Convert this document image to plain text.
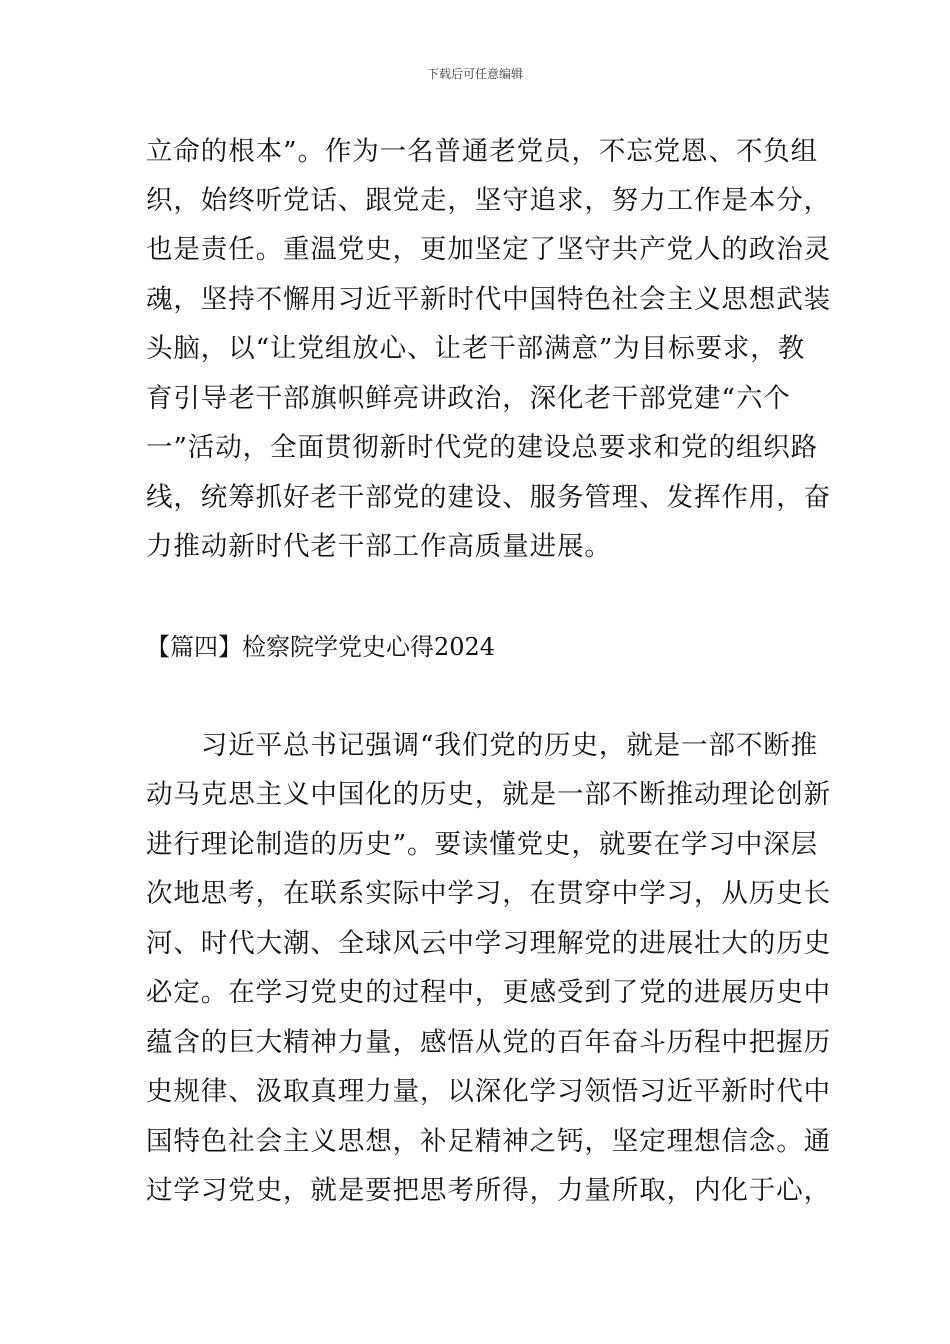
下载后可任意编辑
立命的根本”。作为一名普通老党员，不忘党恩、不负组
织，始终听党话、跟党走，坚守追求，努力工作是本分，
也是责任。重温党史，更加坚定了坚守共产党人的政治灵
魂，坚持不懈用习近平新时代中国特色社会主义思想武装
头脑，以“让党组放心、让老干部满意”为目标要求，教
育引导老干部旗帜鲜亮讲政治，深化老干部党建“六个
一”活动，全面贯彻新时代党的建设总要求和党的组织路
线，统筹抓好老干部党的建设、服务管理、发挥作用，奋
力推动新时代老干部工作高质量进展。
【篇四】检察院学党史心得2024
　　习近平总书记强调“我们党的历史，就是一部不断推
动马克思主义中国化的历史，就是一部不断推动理论创新
进行理论制造的历史”。要读懂党史，就要在学习中深层
次地思考，在联系实际中学习，在贯穿中学习，从历史长
河、时代大潮、全球风云中学习理解党的进展壮大的历史
必定。在学习党史的过程中，更感受到了党的进展历史中
蕴含的巨大精神力量，感悟从党的百年奋斗历程中把握历
史规律、汲取真理力量，以深化学习领悟习近平新时代中
国特色社会主义思想，补足精神之钙，坚定理想信念。通
过学习党史，就是要把思考所得，力量所取，内化于心，
